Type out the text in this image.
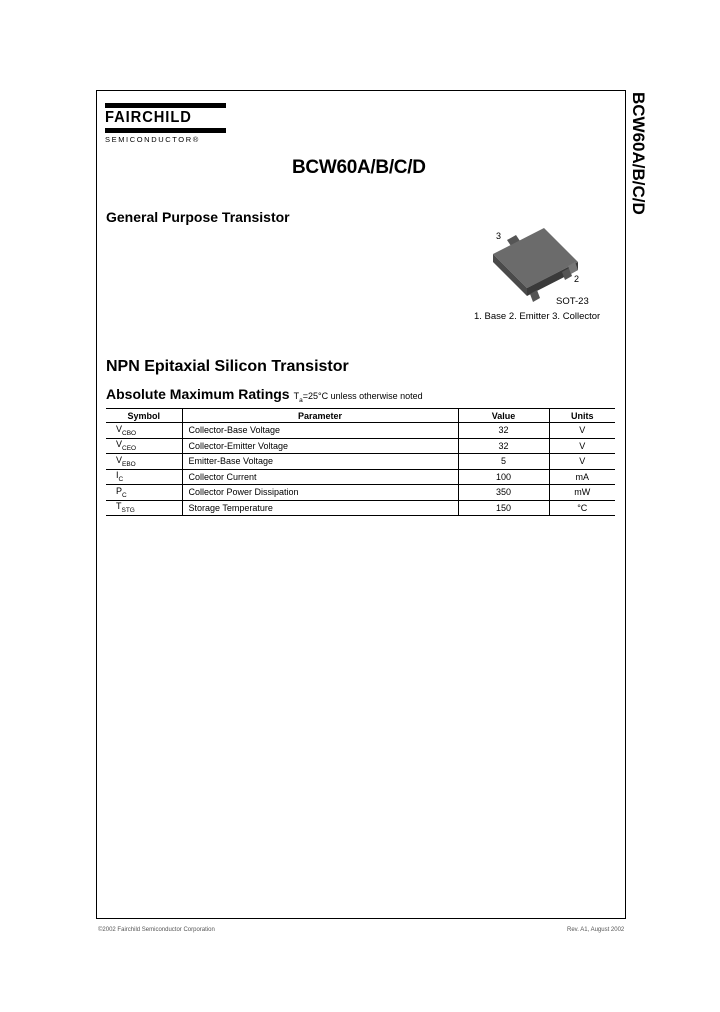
FAIRCHILD
SEMICONDUCTOR®	BCW60A/B/C/D
BCW60A/B/C/D
General Purpose Transistor
3
2
SOT-23
1. Base 2. Emitter 3. Collector
NPN Epitaxial Silicon Transistor
Absolute Maximum Ratings $T_a=25^\circ C$ unless otherwise noted
Symbol	Parameter	Value	Units
$V_{CBO}$	Collector-Base Voltage	32	V
$V_{CEO}$	Collector-Emitter Voltage	32	V
$V_{EBO}$	Emitter-Base Voltage	5	V
$I_C$	Collector Current	100	mA
$P_C$	Collector Power Dissipation	350	mW
$T_{STG}$	Storage Temperature	150	°C
©2002 Fairchild Semiconductor Corporation	Rev. A1, August 2002
